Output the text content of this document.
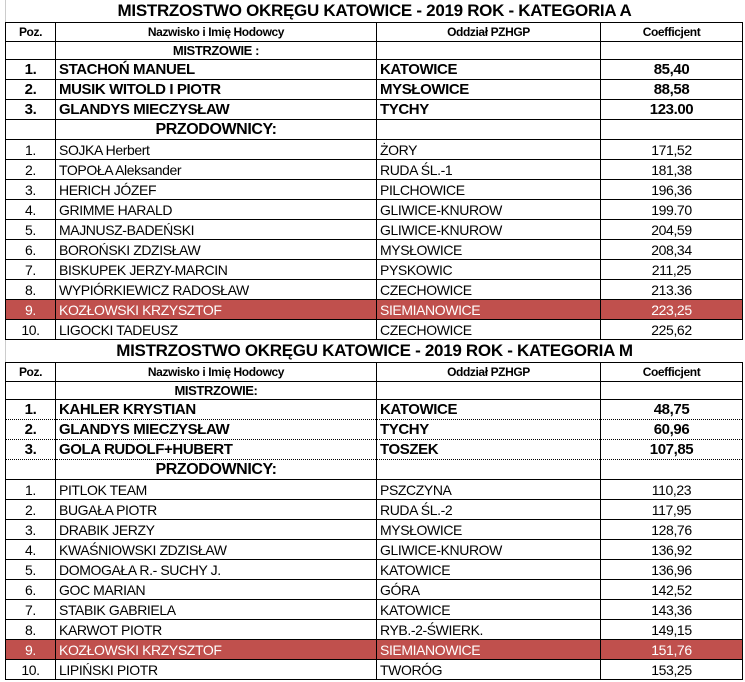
MISTRZOSTWO OKRĘGU KATOWICE - 2019 ROK - KATEGORIA A
Poz.	Nazwisko i Imię Hodowcy	Oddział PZHGP	Coefficjent
	MISTRZOWIE :		
1.	STACHOŃ MANUEL	KATOWICE	85,40
2.	MUSIK WITOLD I PIOTR	MYSŁOWICE	88,58
3.	GLANDYS MIECZYSŁAW	TYCHY	123.00
	PRZODOWNICY:		
1.	SOJKA Herbert	ŻORY	171,52
2.	TOPOŁA Aleksander	RUDA ŚL.-1	181,38
3.	HERICH JÓZEF	PILCHOWICE	196,36
4.	GRIMME HARALD	GLIWICE-KNUROW	199.70
5.	MAJNUSZ-BADEŃSKI	GLIWICE-KNUROW	204,59
6.	BOROŃSKI ZDZISŁAW	MYSŁOWICE	208,34
7.	BISKUPEK JERZY-MARCIN	PYSKOWIC	211,25
8.	WYPIÓRKIEWICZ RADOSŁAW	CZECHOWICE	213.36
9.	KOZŁOWSKI KRZYSZTOF	SIEMIANOWICE	223,25
10.	LIGOCKI TADEUSZ	CZECHOWICE	225,62
MISTRZOSTWO OKRĘGU KATOWICE - 2019 ROK - KATEGORIA M
Poz.	Nazwisko i Imię Hodowcy	Oddział PZHGP	Coefficjent
	MISTRZOWIE:		
1.	KAHLER KRYSTIAN	KATOWICE	48,75
2.	GLANDYS MIECZYSŁAW	TYCHY	60,96
3.	GOLA RUDOLF+HUBERT	TOSZEK	107,85
	PRZODOWNICY:		
1.	PITLOK TEAM	PSZCZYNA	110,23
2.	BUGAŁA PIOTR	RUDA ŚL.-2	117,95
3.	DRABIK JERZY	MYSŁOWICE	128,76
4.	KWAŚNIOWSKI ZDZISŁAW	GLIWICE-KNUROW	136,92
5.	DOMOGAŁA R.- SUCHY J.	KATOWICE	136,96
6.	GOC MARIAN	GÓRA	142,52
7.	STABIK GABRIELA	KATOWICE	143,36
8.	KARWOT PIOTR	RYB.-2-ŚWIERK.	149,15
9.	KOZŁOWSKI KRZYSZTOF	SIEMIANOWICE	151,76
10.	LIPIŃSKI PIOTR	TWORÓG	153,25
